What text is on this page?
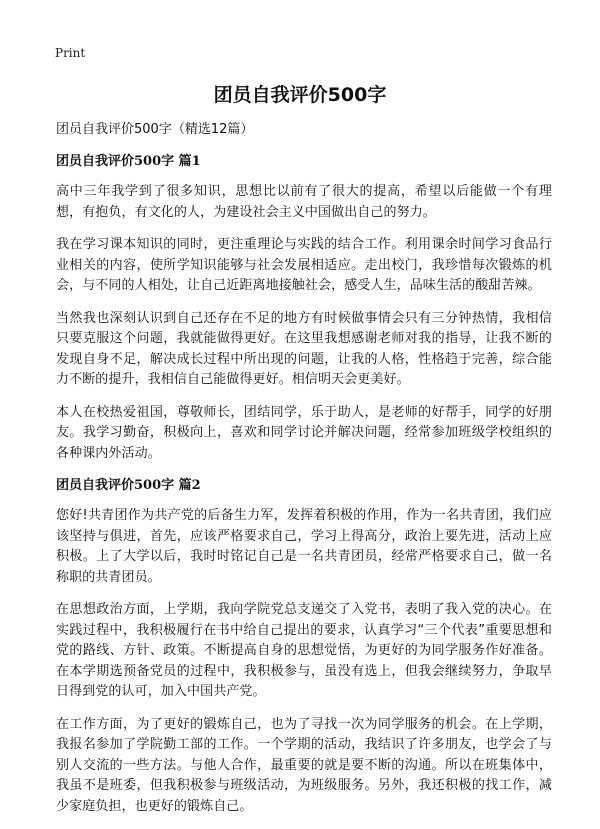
Print
团员自我评价500字

团员自我评价500字（精选12篇）

团员自我评价500字 篇1

高中三年我学到了很多知识，思想比以前有了很大的提高，希望以后能做一个有理想，有抱负，有文化的人，为建设社会主义中国做出自己的努力。

我在学习课本知识的同时，更注重理论与实践的结合工作。利用课余时间学习食品行业相关的内容，使所学知识能够与社会发展相适应。走出校门，我珍惜每次锻炼的机会，与不同的人相处，让自己近距离地接触社会，感受人生，品味生活的酸甜苦辣。

当然我也深刻认识到自己还存在不足的地方有时候做事情会只有三分钟热情，我相信只要克服这个问题，我就能做得更好。在这里我想感谢老师对我的指导，让我不断的发现自身不足，解决成长过程中所出现的问题，让我的人格，性格趋于完善，综合能力不断的提升，我相信自己能做得更好。相信明天会更美好。

本人在校热爱祖国，尊敬师长，团结同学，乐于助人，是老师的好帮手，同学的好朋友。我学习勤奋，积极向上，喜欢和同学讨论并解决问题，经常参加班级学校组织的各种课内外活动。

团员自我评价500字 篇2

您好!共青团作为共产党的后备生力军，发挥着积极的作用，作为一名共青团，我们应该坚持与俱进，首先，应该严格要求自己，学习上得高分，政治上要先进，活动上应积极。上了大学以后，我时时铭记自己是一名共青团员，经常严格要求自己，做一名称职的共青团员。

在思想政治方面，上学期，我向学院党总支递交了入党书，表明了我入党的决心。在实践过程中，我积极履行在书中给自己提出的要求，认真学习“三个代表”重要思想和党的路线、方针、政策。不断提高自身的思想觉悟，为更好的为同学服务作好准备。在本学期选预备党员的过程中，我积极参与，虽没有选上，但我会继续努力，争取早日得到党的认可，加入中国共产党。

在工作方面，为了更好的锻炼自己，也为了寻找一次为同学服务的机会。在上学期，我报名参加了学院勤工部的工作。一个学期的活动，我结识了许多朋友，也学会了与别人交流的一些方法。与他人合作，最重要的就是要不断的沟通。所以在班集体中，我虽不是班委，但我积极参与班级活动，为班级服务。另外，我还积极的找工作，减少家庭负担，也更好的锻炼自己。
